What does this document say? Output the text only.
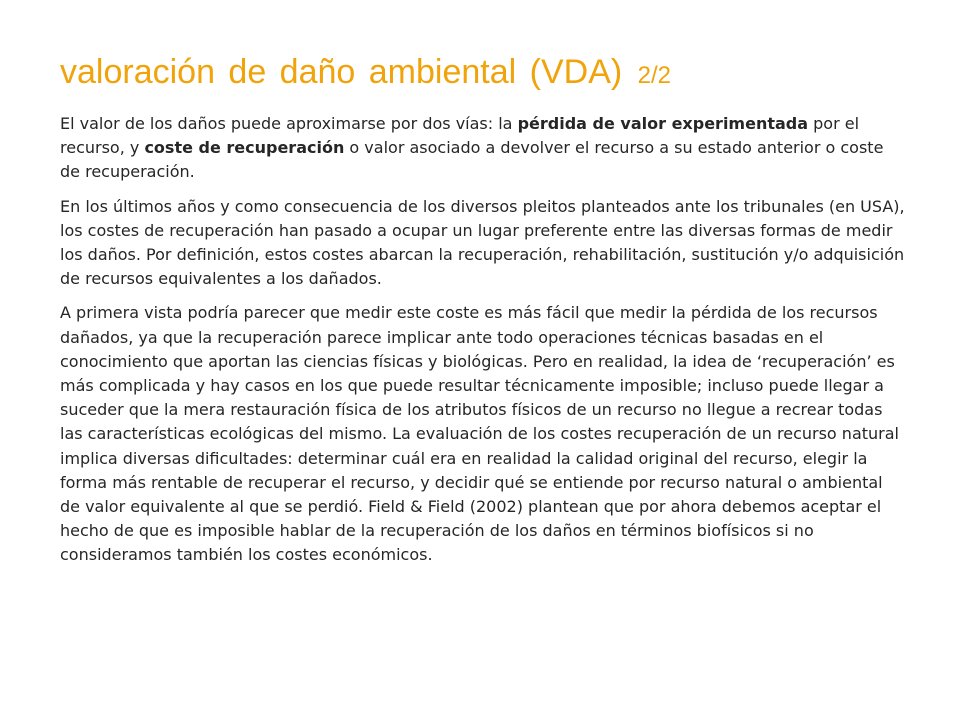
valoración de daño ambiental (VDA) 2/2

El valor de los daños puede aproximarse por dos vías: la pérdida de valor experimentada por el recurso, y coste de recuperación o valor asociado a devolver el recurso a su estado anterior o coste de recuperación.

En los últimos años y como consecuencia de los diversos pleitos planteados ante los tribunales (en USA), los costes de recuperación han pasado a ocupar un lugar preferente entre las diversas formas de medir los daños. Por definición, estos costes abarcan la recuperación, rehabilitación, sustitución y/o adquisición de recursos equivalentes a los dañados.

A primera vista podría parecer que medir este coste es más fácil que medir la pérdida de los recursos dañados, ya que la recuperación parece implicar ante todo operaciones técnicas basadas en el conocimiento que aportan las ciencias físicas y biológicas. Pero en realidad, la idea de ‘recuperación’ es más complicada y hay casos en los que puede resultar técnicamente imposible; incluso puede llegar a suceder que la mera restauración física de los atributos físicos de un recurso no llegue a recrear todas las características ecológicas del mismo. La evaluación de los costes recuperación de un recurso natural implica diversas dificultades: determinar cuál era en realidad la calidad original del recurso, elegir la forma más rentable de recuperar el recurso, y decidir qué se entiende por recurso natural o ambiental de valor equivalente al que se perdió. Field & Field (2002) plantean que por ahora debemos aceptar el hecho de que es imposible hablar de la recuperación de los daños en términos biofísicos si no consideramos también los costes económicos.
